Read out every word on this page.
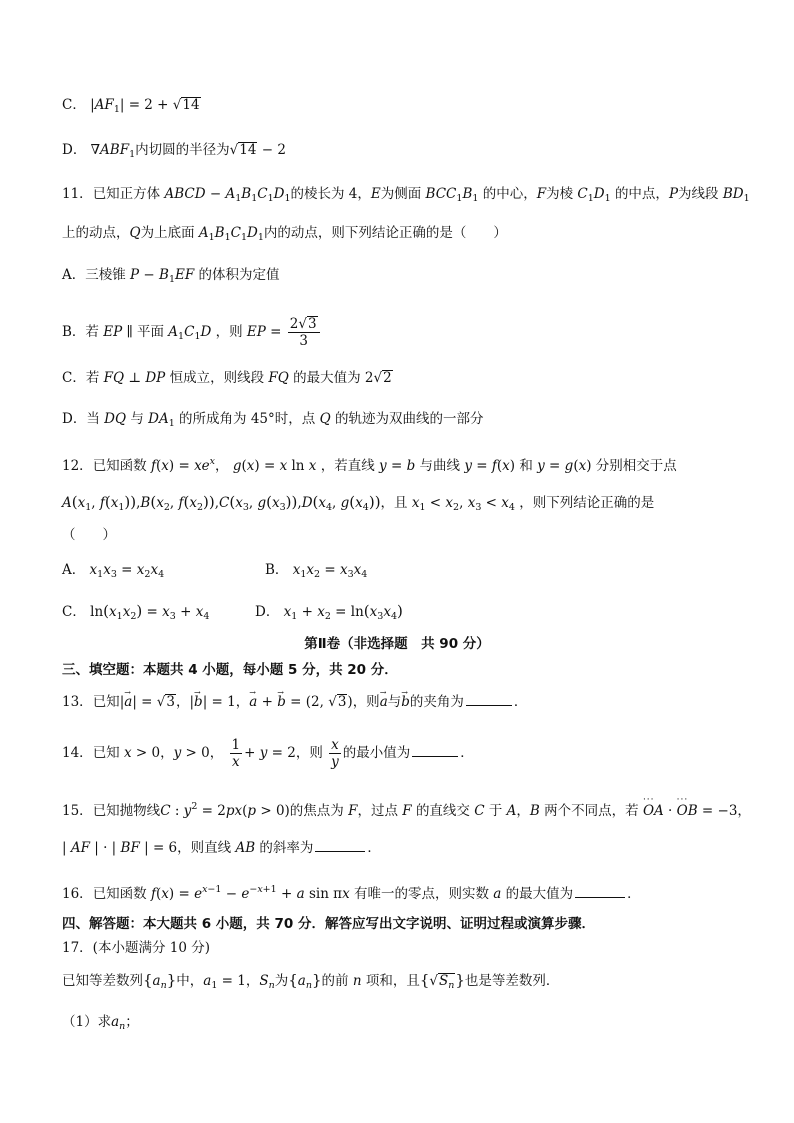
C． $|AF_1| = 2 + √14$
D． $\nabla ABF_1$内切圆的半径为√14 − 2
11．已知正方体 ABCD − $A_1B_1C_1D_1$的棱长为 4，E为侧面 $BCC_1B_1$ 的中心，F为棱 $C_1D_1$ 的中点，P为线段 $BD_1$
上的动点，Q为上底面 $A_1B_1C_1D_1$内的动点，则下列结论正确的是（　　）
A．三棱锥 $P - B_1EF$ 的体积为定值
B．若 EP ∥ 平面 $A_1C_1D$ ，则 EP = $\frac{2√3}{3}$
C．若 FQ ⊥ DP 恒成立，则线段 FQ 的最大值为 2√2
D．当 DQ 与 $DA_1$ 的所成角为 45°时，点 Q 的轨迹为双曲线的一部分
12．已知函数 $f(x) = xe^x$， g(x) = x ln x ，若直线 y = b 与曲线 y = f(x) 和 y = g(x) 分别相交于点
$A(x_1$, $f(x_1)),B(x_2$, $f(x_2)),C(x_3$, $g(x_3)),D(x_4$, $g(x_4)$)，且 $x_1 < x_2$, $x_3 < x_4$ ，则下列结论正确的是
（　　）
A． $x_1x_3 = x_2x_4$	B． $x_1x_2 = x_3x_4$
C． $\ln(x_1x_2) = x_3 + x_4$	D． $x_1 + x_2 = \ln(x_3x_4)$
第Ⅱ卷（非选择题　共 90 分）
三、填空题：本题共 4 小题，每小题 5 分，共 20 分．
13．已知|→ a| = √3，|→ b| = 1，→ a + → b = (2, √3)，则→ a与→ b的夹角为	．
14．已知 x > 0，y > 0， $\frac{1}{x} + y = 2$，则 $\frac{x}{y}$ 的最小值为	．
15．已知抛物线C : $y^2 = 2px(p > 0)$的焦点为 F，过点 F 的直线交 C 于 A，B 两个不同点，若 ··· OA · ··· OB = −3，
| AF | · | BF | = 6，则直线 AB 的斜率为	．
16．已知函数 $f(x) = e^{x-1} - e^{-x+1} + a$ sin πx 有唯一的零点，则实数 a 的最大值为	．
四、解答题：本大题共 6 小题，共 70 分．解答应写出文字说明、证明过程或演算步骤．
17．(本小题满分 10 分)
已知等差数列$\{a_n\}$中，$a_1 = 1$，$S_n$为$\{a_n\}$的前 n 项和，且$\{√S_n\}$也是等差数列．
（1）求$a_n$；
